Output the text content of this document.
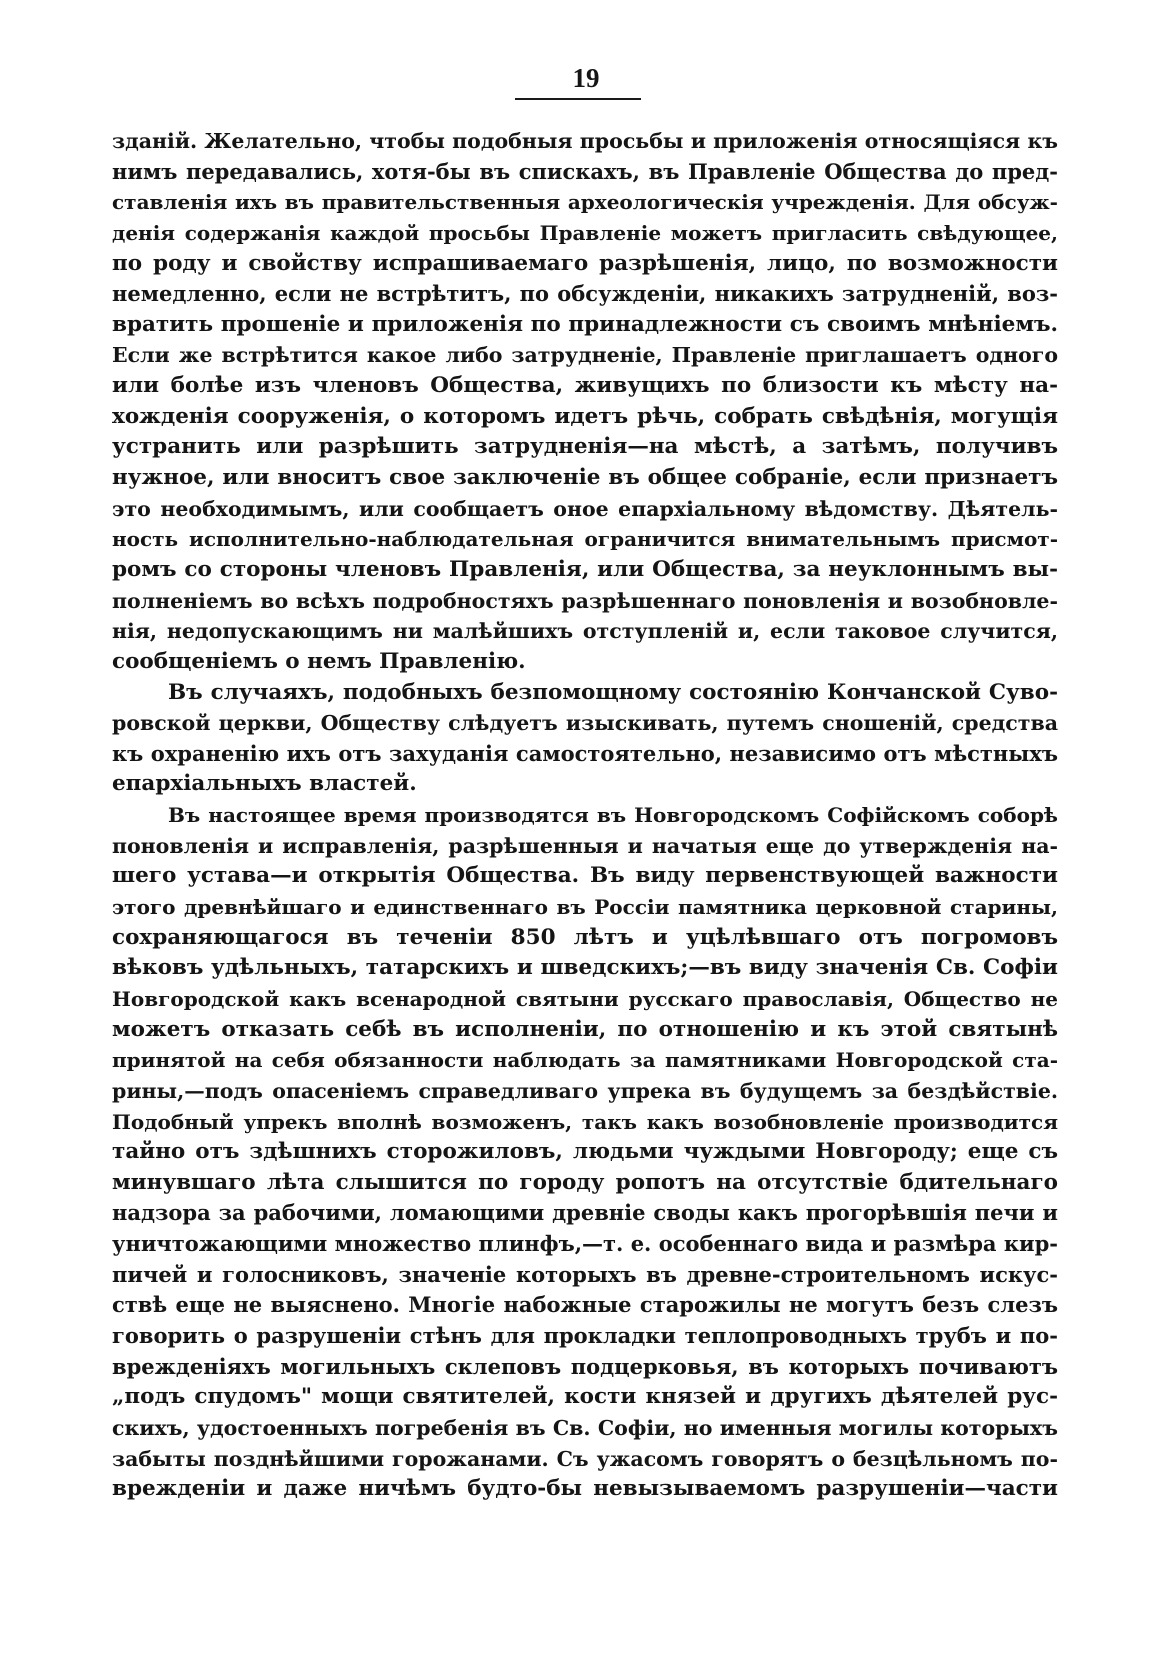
19
зданій. Желательно, чтобы подобныя просьбы и приложенія относящіяся къ
нимъ передавались, хотя-бы въ спискахъ, въ Правленіе Общества до пред-
ставленія ихъ въ правительственныя археологическія учрежденія. Для обсуж-
денія содержанія каждой просьбы Правленіе можетъ пригласить свѣдующее,
по роду и свойству испрашиваемаго разрѣшенія, лицо, по возможности
немедленно, если не встрѣтитъ, по обсужденіи, никакихъ затрудненій, воз-
вратить прошеніе и приложенія по принадлежности съ своимъ мнѣніемъ.
Если же встрѣтится какое либо затрудненіе, Правленіе приглашаетъ одного
или болѣе изъ членовъ Общества, живущихъ по близости къ мѣсту на-
хожденія сооруженія, о которомъ идетъ рѣчь, собрать свѣдѣнія, могущія
устранить или разрѣшить затрудненія—на мѣстѣ, а затѣмъ, получивъ
нужное, или вноситъ свое заключеніе въ общее собраніе, если признаетъ
это необходимымъ, или сообщаетъ оное епархіальному вѣдомству. Дѣятель-
ность исполнительно-наблюдательная ограничится внимательнымъ присмот-
ромъ со стороны членовъ Правленія, или Общества, за неуклоннымъ вы-
полненіемъ во всѣхъ подробностяхъ разрѣшеннаго поновленія и возобновле-
нія, недопускающимъ ни малѣйшихъ отступленій и, если таковое случится,
сообщеніемъ о немъ Правленію.
Въ случаяхъ, подобныхъ безпомощному состоянію Кончанской Суво-
ровской церкви, Обществу слѣдуетъ изыскивать, путемъ сношеній, средства
къ охраненію ихъ отъ захуданія самостоятельно, независимо отъ мѣстныхъ
епархіальныхъ властей.
Въ настоящее время производятся въ Новгородскомъ Софійскомъ соборѣ
поновленія и исправленія, разрѣшенныя и начатыя еще до утвержденія на-
шего устава—и открытія Общества. Въ виду первенствующей важности
этого древнѣйшаго и единственнаго въ Россіи памятника церковной старины,
сохраняющагося въ теченіи 850 лѣтъ и уцѣлѣвшаго отъ погромовъ
вѣковъ удѣльныхъ, татарскихъ и шведскихъ;—въ виду значенія Св. Софіи
Новгородской какъ всенародной святыни русскаго православія, Общество не
можетъ отказать себѣ въ исполненіи, по отношенію и къ этой святынѣ
принятой на себя обязанности наблюдать за памятниками Новгородской ста-
рины,—подъ опасеніемъ справедливаго упрека въ будущемъ за бездѣйствіе.
Подобный упрекъ вполнѣ возможенъ, такъ какъ возобновленіе производится
тайно отъ здѣшнихъ сторожиловъ, людьми чуждыми Новгороду; еще съ
минувшаго лѣта слышится по городу ропотъ на отсутствіе бдительнаго
надзора за рабочими, ломающими древніе своды какъ прогорѣвшія печи и
уничтожающими множество плинфъ,—т. е. особеннаго вида и размѣра кир-
пичей и голосниковъ, значеніе которыхъ въ древне-строительномъ искус-
ствѣ еще не выяснено. Многіе набожные старожилы не могутъ безъ слезъ
говорить о разрушеніи стѣнъ для прокладки теплопроводныхъ трубъ и по-
врежденіяхъ могильныхъ склеповъ подцерковья, въ которыхъ почиваютъ
„подъ спудомъ" мощи святителей, кости князей и другихъ дѣятелей рус-
скихъ, удостоенныхъ погребенія въ Св. Софіи, но именныя могилы которыхъ
забыты позднѣйшими горожанами. Съ ужасомъ говорятъ о безцѣльномъ по-
врежденіи и даже ничѣмъ будто-бы невызываемомъ разрушеніи—части
